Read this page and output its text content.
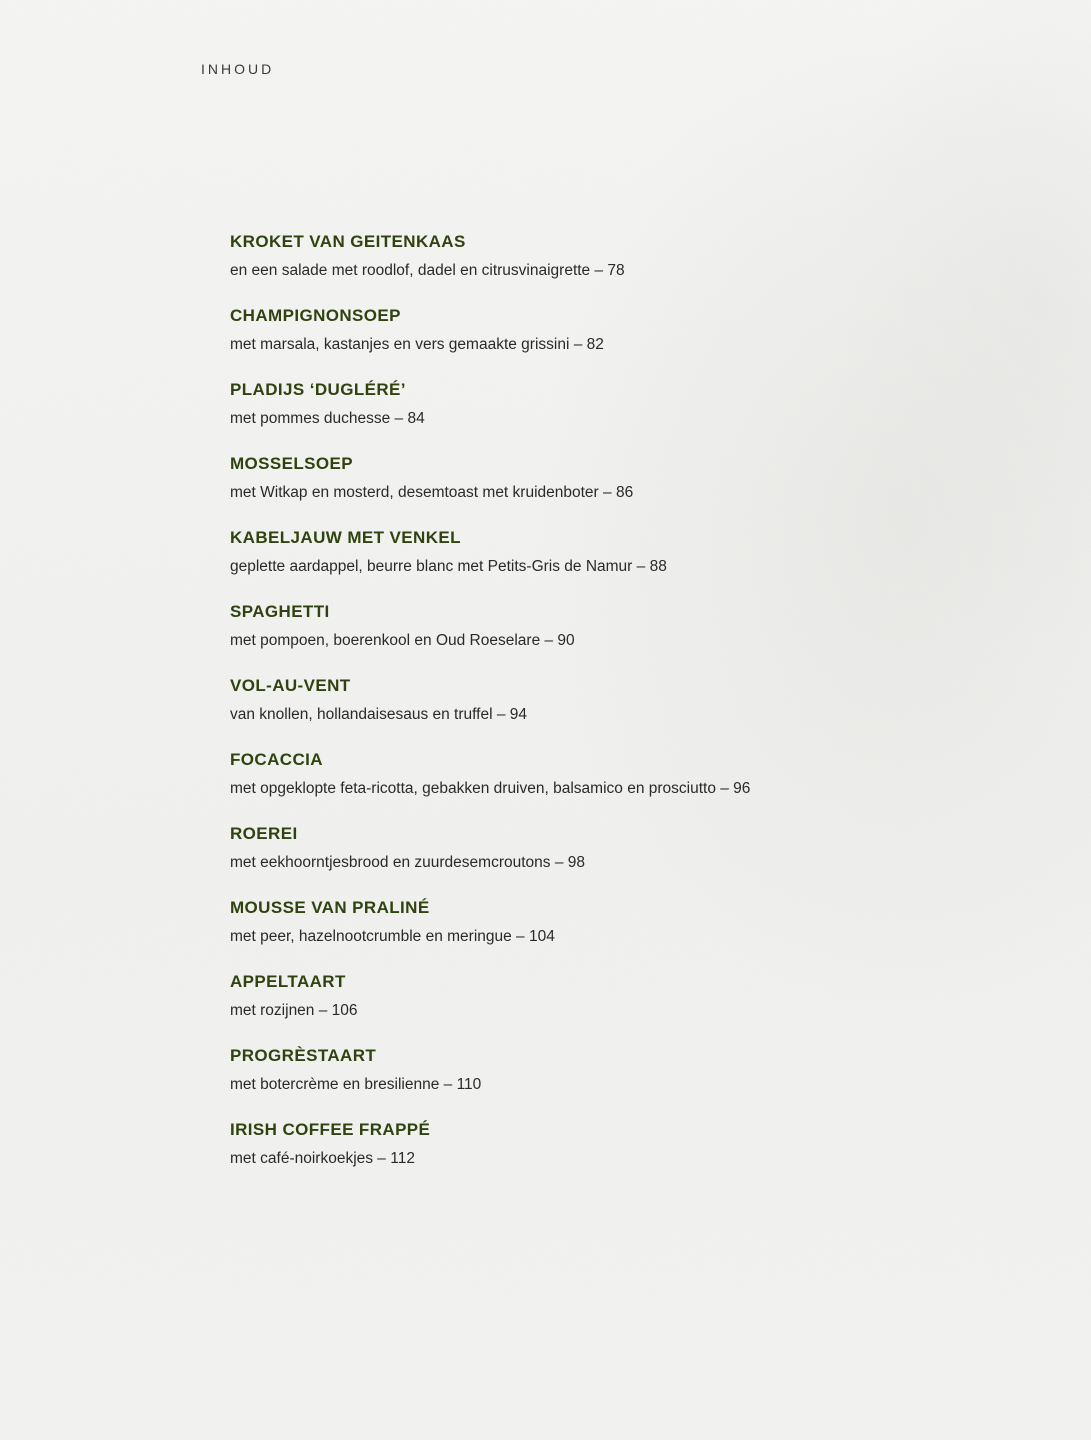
INHOUD
KROKET VAN GEITENKAAS
en een salade met roodlof, dadel en citrusvinaigrette – 78
CHAMPIGNONSOEP
met marsala, kastanjes en vers gemaakte grissini – 82
PLADIJS ‘DUGLÉRÉ’
met pommes duchesse – 84
MOSSELSOEP
met Witkap en mosterd, desemtoast met kruidenboter – 86
KABELJAUW MET VENKEL
geplette aardappel, beurre blanc met Petits-Gris de Namur – 88
SPAGHETTI
met pompoen, boerenkool en Oud Roeselare – 90
VOL-AU-VENT
van knollen, hollandaisesaus en truffel – 94
FOCACCIA
met opgeklopte feta-ricotta, gebakken druiven, balsamico en prosciutto – 96
ROEREI
met eekhoorntjesbrood en zuurdesemcroutons – 98
MOUSSE VAN PRALINÉ
met peer, hazelnootcrumble en meringue – 104
APPELTAART
met rozijnen – 106
PROGRÈSTAART
met botercrème en bresilienne – 110
IRISH COFFEE FRAPPÉ
met café-noirkoekjes – 112
